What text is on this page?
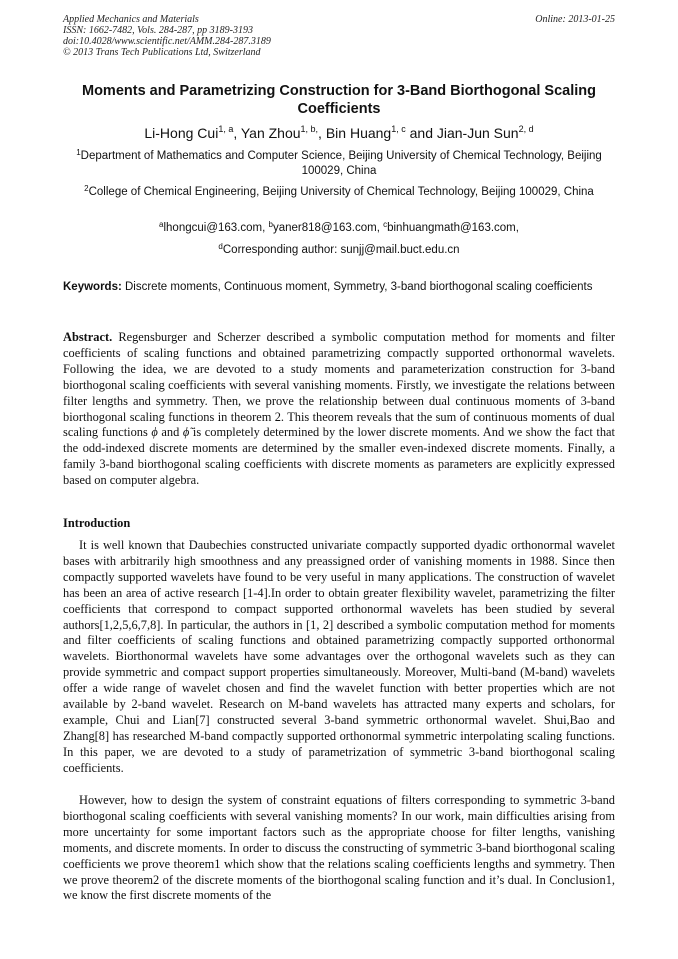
Applied Mechanics and Materials
ISSN: 1662-7482, Vols. 284-287, pp 3189-3193
doi:10.4028/www.scientific.net/AMM.284-287.3189
© 2013 Trans Tech Publications Ltd, Switzerland
Online: 2013-01-25
Moments and Parametrizing Construction for 3-Band Biorthogonal Scaling Coefficients
Li-Hong Cui$^{1, a}$, Yan Zhou$^{1, b,}$, Bin Huang$^{1, c}$ and Jian-Jun Sun$^{2, d}$
$^1$Department of Mathematics and Computer Science, Beijing University of Chemical Technology, Beijing 100029, China
$^2$College of Chemical Engineering, Beijing University of Chemical Technology, Beijing 100029, China
$^a$lhongcui@163.com, $^b$yaner818@163.com, $^c$binhuangmath@163.com,
$^d$Corresponding author: sunjj@mail.buct.edu.cn
Keywords: Discrete moments, Continuous moment, Symmetry, 3-band biorthogonal scaling coefficients
Abstract. Regensburger and Scherzer described a symbolic computation method for moments and filter coefficients of scaling functions and obtained parametrizing compactly supported orthonormal wavelets. Following the idea, we are devoted to a study moments and parameterization construction for 3-band biorthogonal scaling coefficients with several vanishing moments. Firstly, we investigate the relations between filter lengths and symmetry. Then, we prove the relationship between dual continuous moments of 3-band biorthogonal scaling functions in theorem 2. This theorem reveals that the sum of continuous moments of dual scaling functions ϕ and ϕ̃ is completely determined by the lower discrete moments. And we show the fact that the odd-indexed discrete moments are determined by the smaller even-indexed discrete moments. Finally, a family 3-band biorthogonal scaling coefficients with discrete moments as parameters are explicitly expressed based on computer algebra.
Introduction
It is well known that Daubechies constructed univariate compactly supported dyadic orthonormal wavelet bases with arbitrarily high smoothness and any preassigned order of vanishing moments in 1988. Since then compactly supported wavelets have found to be very useful in many applications. The construction of wavelet has been an area of active research [1-4].In order to obtain greater flexibility wavelet, parametrizing the filter coefficients that correspond to compact supported orthonormal wavelets has been studied by several authors[1,2,5,6,7,8]. In particular, the authors in [1, 2] described a symbolic computation method for moments and filter coefficients of scaling functions and obtained parametrizing compactly supported orthonormal wavelets. Biorthonormal wavelets have some advantages over the orthogonal wavelets such as they can provide symmetric and compact support properties simultaneously. Moreover, Multi-band (M-band) wavelets offer a wide range of wavelet chosen and find the wavelet function with better properties which are not available by 2-band wavelet. Research on M-band wavelets has attracted many experts and scholars, for example, Chui and Lian[7] constructed several 3-band symmetric orthonormal wavelet. Shui,Bao and Zhang[8] has researched M-band compactly supported orthonormal symmetric interpolating scaling functions. In this paper, we are devoted to a study of parametrization of symmetric 3-band biorthogonal scaling coefficients.
However, how to design the system of constraint equations of filters corresponding to symmetric 3-band biorthogonal scaling coefficients with several vanishing moments? In our work, main difficulties arising from more uncertainty for some important factors such as the appropriate choose for filter lengths, vanishing moments, and discrete moments. In order to discuss the constructing of symmetric 3-band biorthogonal scaling coefficients we prove theorem1 which show that the relations scaling coefficients lengths and symmetry. Then we prove theorem2 of the discrete moments of the biorthogonal scaling function and it’s dual. In Conclusion1, we know the first discrete moments of the
